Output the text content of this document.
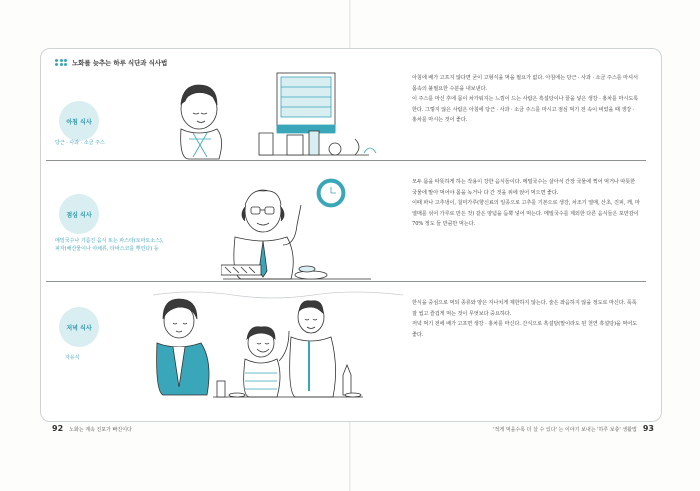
노화를 늦추는 하루 식단과 식사법
아침 식사
당근 · 사과 · 소금 주스
점심 식사
메밀국수나 기름진 음식 또는 파스타(토마토소스),
피자(해산물이나 야채류, 타바스코를 뿌린다) 등
저녁 식사
자유식

아침에 배가 고프지 않다면 굳이 고형식을 먹을 필요가 없다. 아침에는 당근 · 사과 · 소금 주스를 마셔서 몸속의 불필요한 수분을 내보낸다.

이 주스를 마신 후에 몸이 차가워지는 느낌이 드는 사람은 흑설탕이나 꿀을 넣은 생강 · 홍차를 마시도록 한다. 그렇지 않은 사람은 아침에 당근 · 사과 · 소금 주스를 마시고 점심 먹기 전 속이 비었을 때 생강 · 홍차를 마시는 것이 좋다.

모두 몸을 따뜻하게 하는 작용이 강한 음식들이다. 메밀국수는 살아서 간장 국물에 찍어 먹거나 따뜻한 국물에 말아 먹어야 몸을 녹거나 다 간 것을 위에 얹어 먹으면 좋다.

이때 파나 고추냉이, 칠미가루(향신료의 일종으로 고추를 기본으로 생강, 차조기 열매, 산초, 진피, 깨, 마 열매를 섞어 가루로 만든 것) 같은 양념을 듬뿍 넣어 먹는다. 메밀국수를 제외한 다른 음식들은 포만감이 70% 정도 들 만큼만 먹는다.

한식을 중심으로 먹되 종류와 양은 지나치게 제한하지 않는다. 술은 좌음하지 않을 정도로 마신다. 푹푹 잘 씹고 즐겁게 먹는 것이 무엇보다 중요하다.

저녁 먹기 전에 배가 고프면 생강 · 홍차를 마신다. 간식으로 흑설탕(말이라도 된 천연 흑설탕)을 먹어도 좋다.

92 노화는 계속 진포가 빠진이다	'적게 먹을수록 더 살 수 있다' 는 이야기 보내는 '하루 보충' 생활법 93
